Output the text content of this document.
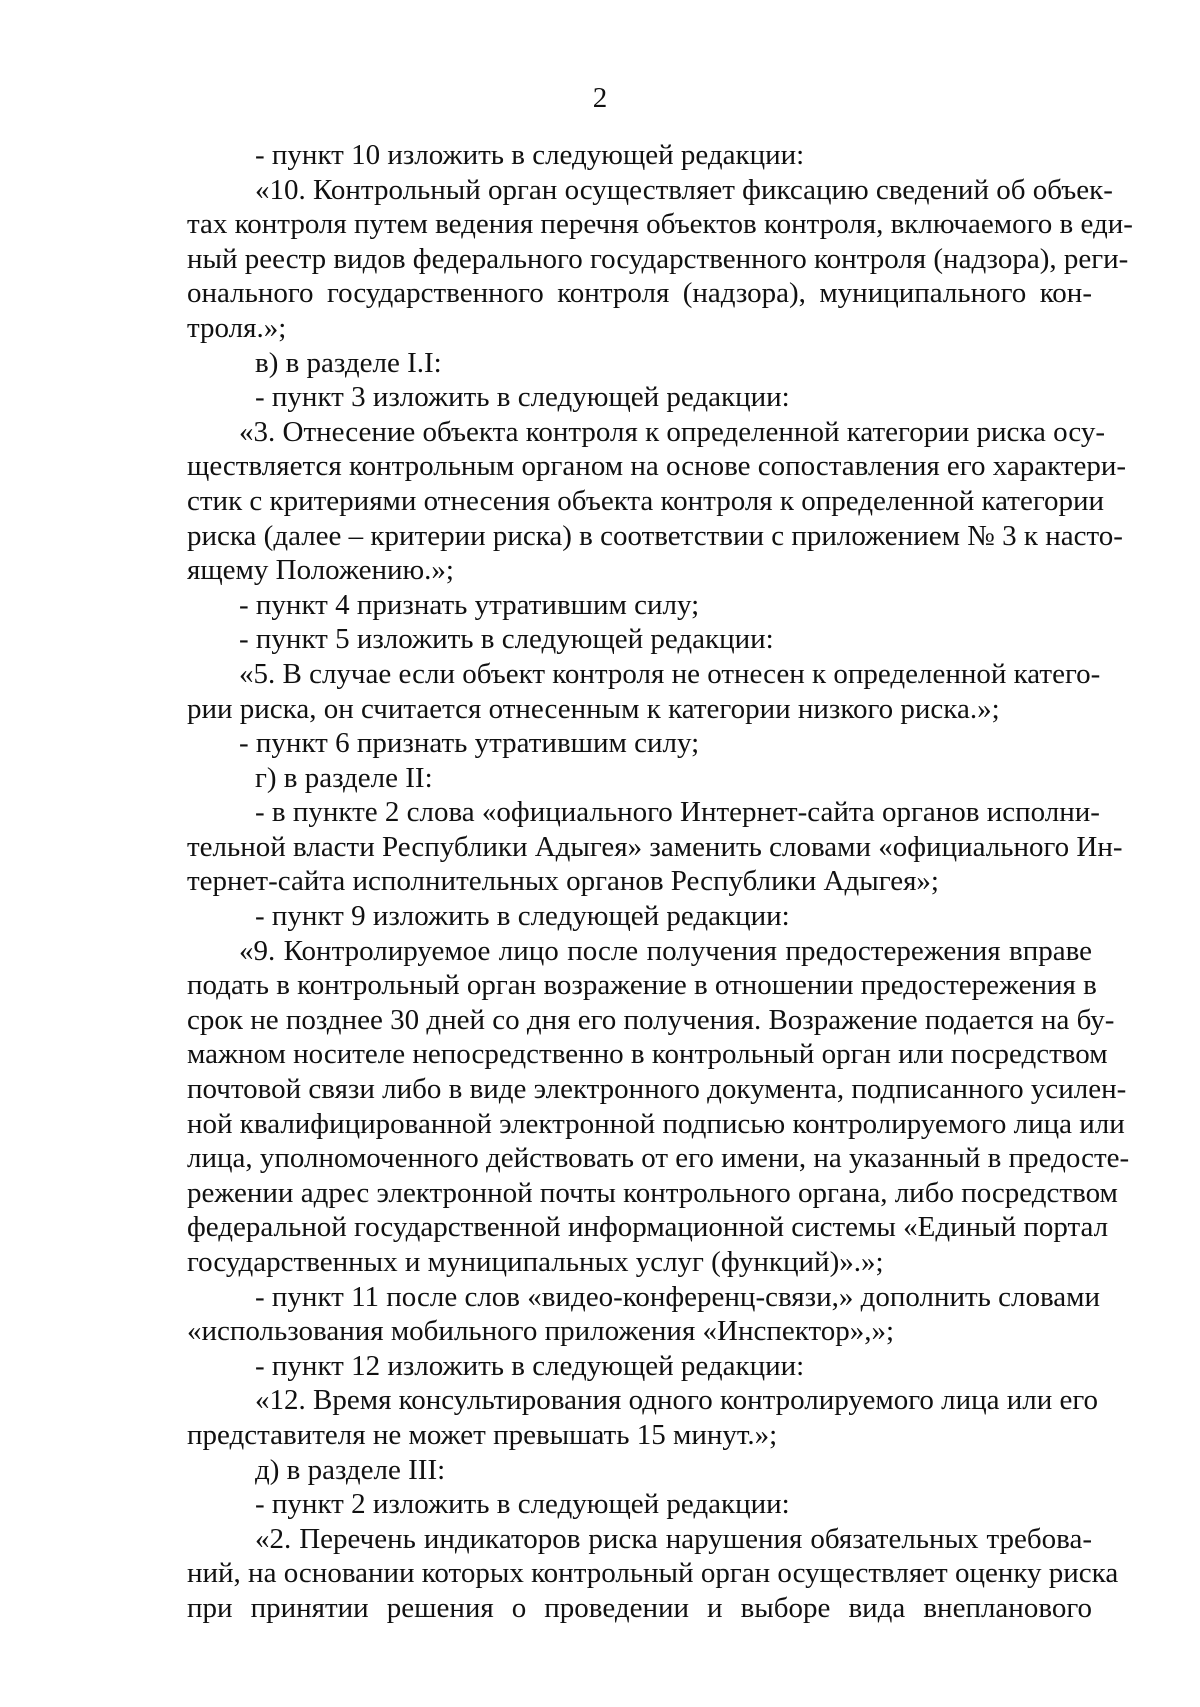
2
- пункт 10 изложить в следующей редакции:
«10. Контрольный орган осуществляет фиксацию сведений об объек-
тах контроля путем ведения перечня объектов контроля, включаемого в еди-
ный реестр видов федерального государственного контроля (надзора), реги-
онального государственного контроля (надзора), муниципального кон-
троля.»;
в) в разделе I.I:
- пункт 3 изложить в следующей редакции:
«3. Отнесение объекта контроля к определенной категории риска осу-
ществляется контрольным органом на основе сопоставления его характери-
стик с критериями отнесения объекта контроля к определенной категории
риска (далее – критерии риска) в соответствии с приложением № 3 к насто-
ящему Положению.»;
- пункт 4 признать утратившим силу;
- пункт 5 изложить в следующей редакции:
«5. В случае если объект контроля не отнесен к определенной катего-
рии риска, он считается отнесенным к категории низкого риска.»;
- пункт 6 признать утратившим силу;
г) в разделе II:
- в пункте 2 слова «официального Интернет-сайта органов исполни-
тельной власти Республики Адыгея» заменить словами «официального Ин-
тернет-сайта исполнительных органов Республики Адыгея»;
- пункт 9 изложить в следующей редакции:
«9. Контролируемое лицо после получения предостережения вправе
подать в контрольный орган возражение в отношении предостережения в
срок не позднее 30 дней со дня его получения. Возражение подается на бу-
мажном носителе непосредственно в контрольный орган или посредством
почтовой связи либо в виде электронного документа, подписанного усилен-
ной квалифицированной электронной подписью контролируемого лица или
лица, уполномоченного действовать от его имени, на указанный в предосте-
режении адрес электронной почты контрольного органа, либо посредством
федеральной государственной информационной системы «Единый портал
государственных и муниципальных услуг (функций)».»;
- пункт 11 после слов «видео-конференц-связи,» дополнить словами
«использования мобильного приложения «Инспектор»,»;
- пункт 12 изложить в следующей редакции:
«12. Время консультирования одного контролируемого лица или его
представителя не может превышать 15 минут.»;
д) в разделе III:
- пункт 2 изложить в следующей редакции:
«2. Перечень индикаторов риска нарушения обязательных требова-
ний, на основании которых контрольный орган осуществляет оценку риска
при принятии решения о проведении и выборе вида внепланового
